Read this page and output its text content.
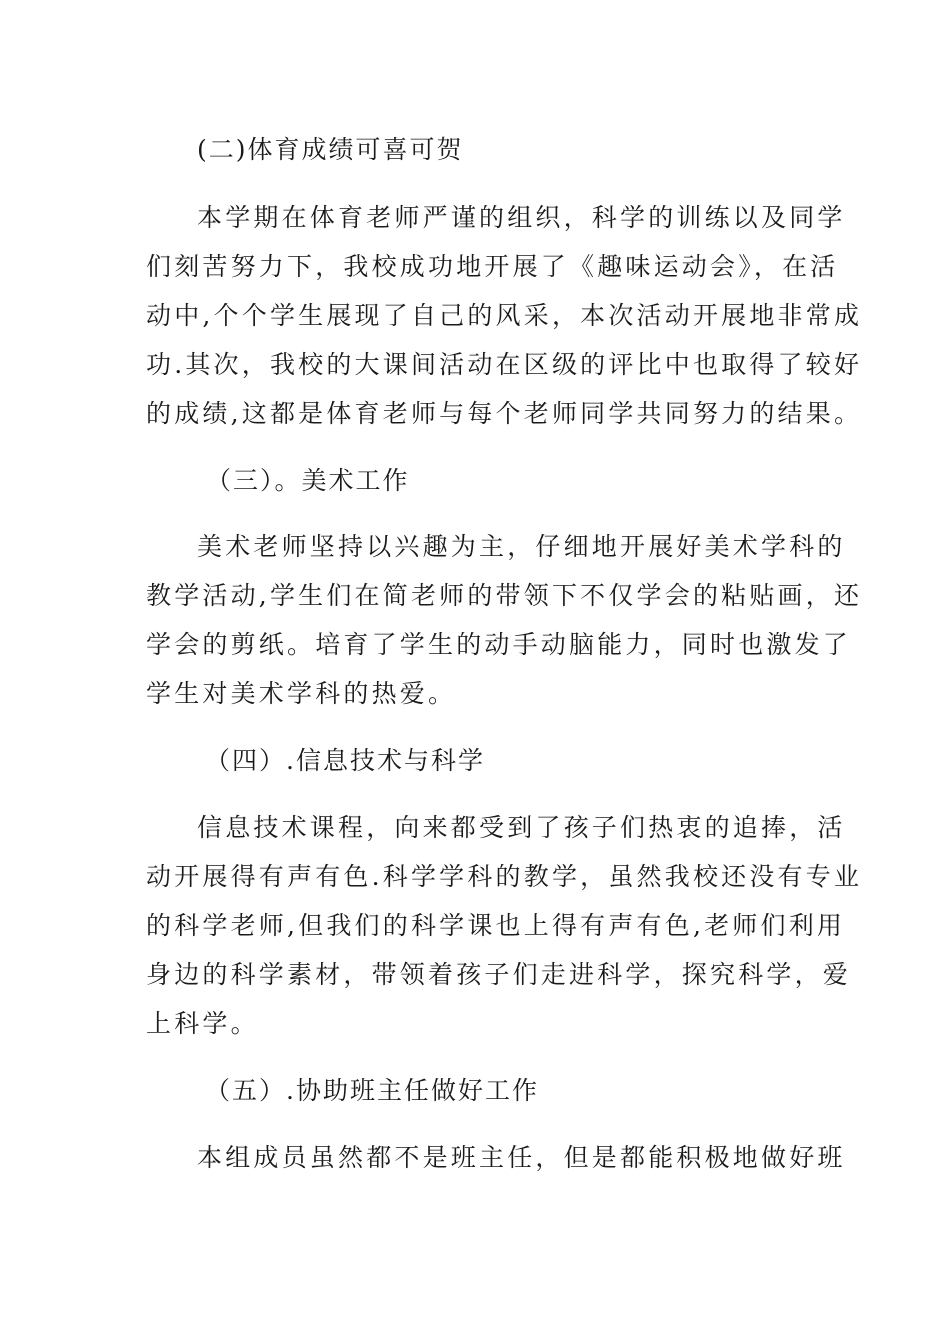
(二)体育成绩可喜可贺
本学期在体育老师严谨的组织，科学的训练以及同学
们刻苦努力下，我校成功地开展了《趣味运动会》，在活
动中,个个学生展现了自己的风采，本次活动开展地非常成
功.其次，我校的大课间活动在区级的评比中也取得了较好
的成绩,这都是体育老师与每个老师同学共同努力的结果。
（三）。美术工作
美术老师坚持以兴趣为主，仔细地开展好美术学科的
教学活动,学生们在简老师的带领下不仅学会的粘贴画，还
学会的剪纸。培育了学生的动手动脑能力，同时也激发了
学生对美术学科的热爱。
（四）.信息技术与科学
信息技术课程，向来都受到了孩子们热衷的追捧，活
动开展得有声有色.科学学科的教学，虽然我校还没有专业
的科学老师,但我们的科学课也上得有声有色,老师们利用
身边的科学素材，带领着孩子们走进科学，探究科学，爱
上科学。
（五）.协助班主任做好工作
本组成员虽然都不是班主任，但是都能积极地做好班
